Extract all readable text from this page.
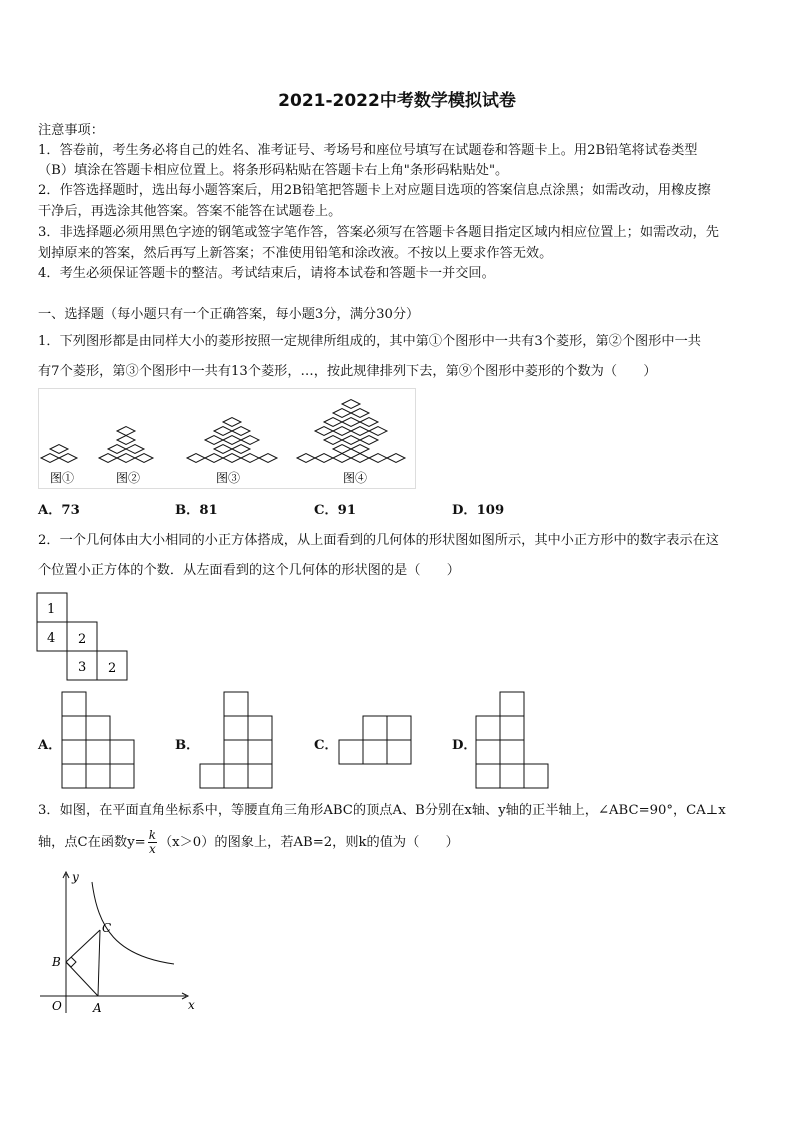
2021-2022中考数学模拟试卷
注意事项：
1．答卷前，考生务必将自己的姓名、准考证号、考场号和座位号填写在试题卷和答题卡上。用2B铅笔将试卷类型
（B）填涂在答题卡相应位置上。将条形码粘贴在答题卡右上角"条形码粘贴处"。
2．作答选择题时，选出每小题答案后，用2B铅笔把答题卡上对应题目选项的答案信息点涂黑；如需改动，用橡皮擦
干净后，再选涂其他答案。答案不能答在试题卷上。
3．非选择题必须用黑色字迹的钢笔或签字笔作答，答案必须写在答题卡各题目指定区域内相应位置上；如需改动，先
划掉原来的答案，然后再写上新答案；不准使用铅笔和涂改液。不按以上要求作答无效。
4．考生必须保证答题卡的整洁。考试结束后，请将本试卷和答题卡一并交回。
一、选择题（每小题只有一个正确答案，每小题3分，满分30分）
1．下列图形都是由同样大小的菱形按照一定规律所组成的，其中第①个图形中一共有3个菱形，第②个图形中一共
有7个菱形，第③个图形中一共有13个菱形，…，按此规律排列下去，第⑨个图形中菱形的个数为（　　）
图①	图②	图③	图④
A．73	B．81	C．91	D．109
2．一个几何体由大小相同的小正方体搭成，从上面看到的几何体的形状图如图所示，其中小正方形中的数字表示在这
个位置小正方体的个数．从左面看到的这个几何体的形状图的是（　　）
1
4 2
3 2
A．	B．	C．	D．
3．如图，在平面直角坐标系中，等腰直角三角形ABC的顶点A、B分别在x轴、y轴的正半轴上，∠ABC=90°，CA⊥x
轴，点C在函数$y= \frac{k}{x} (x>0)$的图象上，若AB=2，则k的值为（　　）
y
x
O	A
B
C
